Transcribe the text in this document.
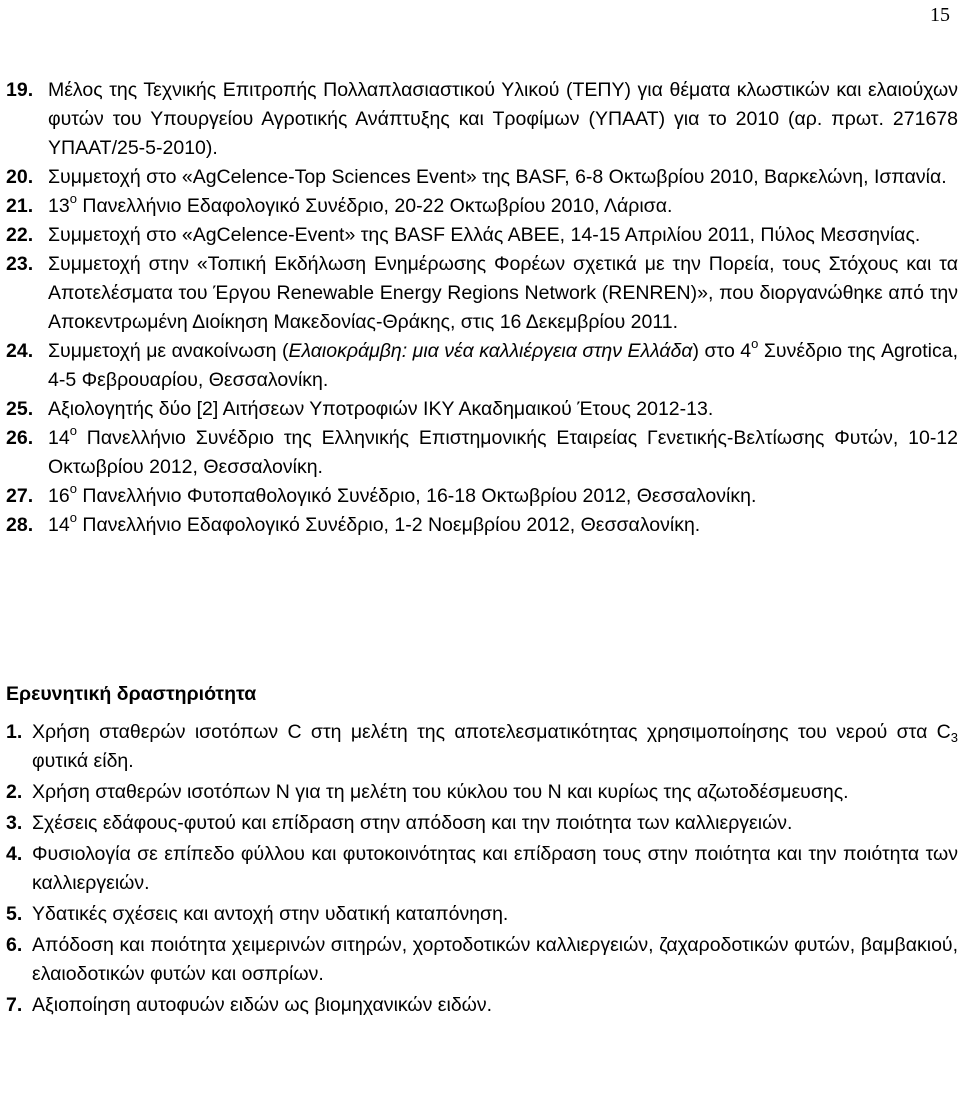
15
19. Μέλος της Τεχνικής Επιτροπής Πολλαπλασιαστικού Υλικού (ΤΕΠΥ) για θέματα κλωστικών και ελαιούχων φυτών του Υπουργείου Αγροτικής Ανάπτυξης και Τροφίμων (ΥΠΑΑΤ) για το 2010 (αρ. πρωτ. 271678 ΥΠΑΑΤ/25-5-2010).
20. Συμμετοχή στο «AgCelence-Top Sciences Event» της BASF, 6-8 Οκτωβρίου 2010, Βαρκελώνη, Ισπανία.
21. $13^o$ Πανελλήνιο Εδαφολογικό Συνέδριο, 20-22 Οκτωβρίου 2010, Λάρισα.
22. Συμμετοχή στο «AgCelence-Event» της BASF Ελλάς ΑΒΕΕ, 14-15 Απριλίου 2011, Πύλος Μεσσηνίας.
23. Συμμετοχή στην «Τοπική Εκδήλωση Ενημέρωσης Φορέων σχετικά με την Πορεία, τους Στόχους και τα Αποτελέσματα του Έργου Renewable Energy Regions Network (RENREN)», που διοργανώθηκε από την Αποκεντρωμένη Διοίκηση Μακεδονίας-Θράκης, στις 16 Δεκεμβρίου 2011.
24. Συμμετοχή με ανακοίνωση (Ελαιοκράμβη: μια νέα καλλιέργεια στην Ελλάδα) στο $4^o$ Συνέδριο της Agrotica, 4-5 Φεβρουαρίου, Θεσσαλονίκη.
25. Αξιολογητής δύο [2] Αιτήσεων Υποτροφιών ΙΚΥ Ακαδημαικού Έτους 2012-13.
26. $14^o$ Πανελλήνιο Συνέδριο της Ελληνικής Επιστημονικής Εταιρείας Γενετικής-Βελτίωσης Φυτών, 10-12 Οκτωβρίου 2012, Θεσσαλονίκη.
27. $16^o$ Πανελλήνιο Φυτοπαθολογικό Συνέδριο, 16-18 Οκτωβρίου 2012, Θεσσαλονίκη.
28. $14^o$ Πανελλήνιο Εδαφολογικό Συνέδριο, 1-2 Νοεμβρίου 2012, Θεσσαλονίκη.
Ερευνητική δραστηριότητα
1. Χρήση σταθερών ισοτόπων C στη μελέτη της αποτελεσματικότητας χρησιμοποίησης του νερού στα $C_3$ φυτικά είδη.
2. Χρήση σταθερών ισοτόπων Ν για τη μελέτη του κύκλου του Ν και κυρίως της αζωτοδέσμευσης.
3. Σχέσεις εδάφους-φυτού και επίδραση στην απόδοση και την ποιότητα των καλλιεργειών.
4. Φυσιολογία σε επίπεδο φύλλου και φυτοκοινότητας και επίδραση τους στην ποιότητα και την ποιότητα των καλλιεργειών.
5. Υδατικές σχέσεις και αντοχή στην υδατική καταπόνηση.
6. Απόδοση και ποιότητα χειμερινών σιτηρών, χορτοδοτικών καλλιεργειών, ζαχαροδοτικών φυτών, βαμβακιού, ελαιοδοτικών φυτών και οσπρίων.
7. Αξιοποίηση αυτοφυών ειδών ως βιομηχανικών ειδών.
